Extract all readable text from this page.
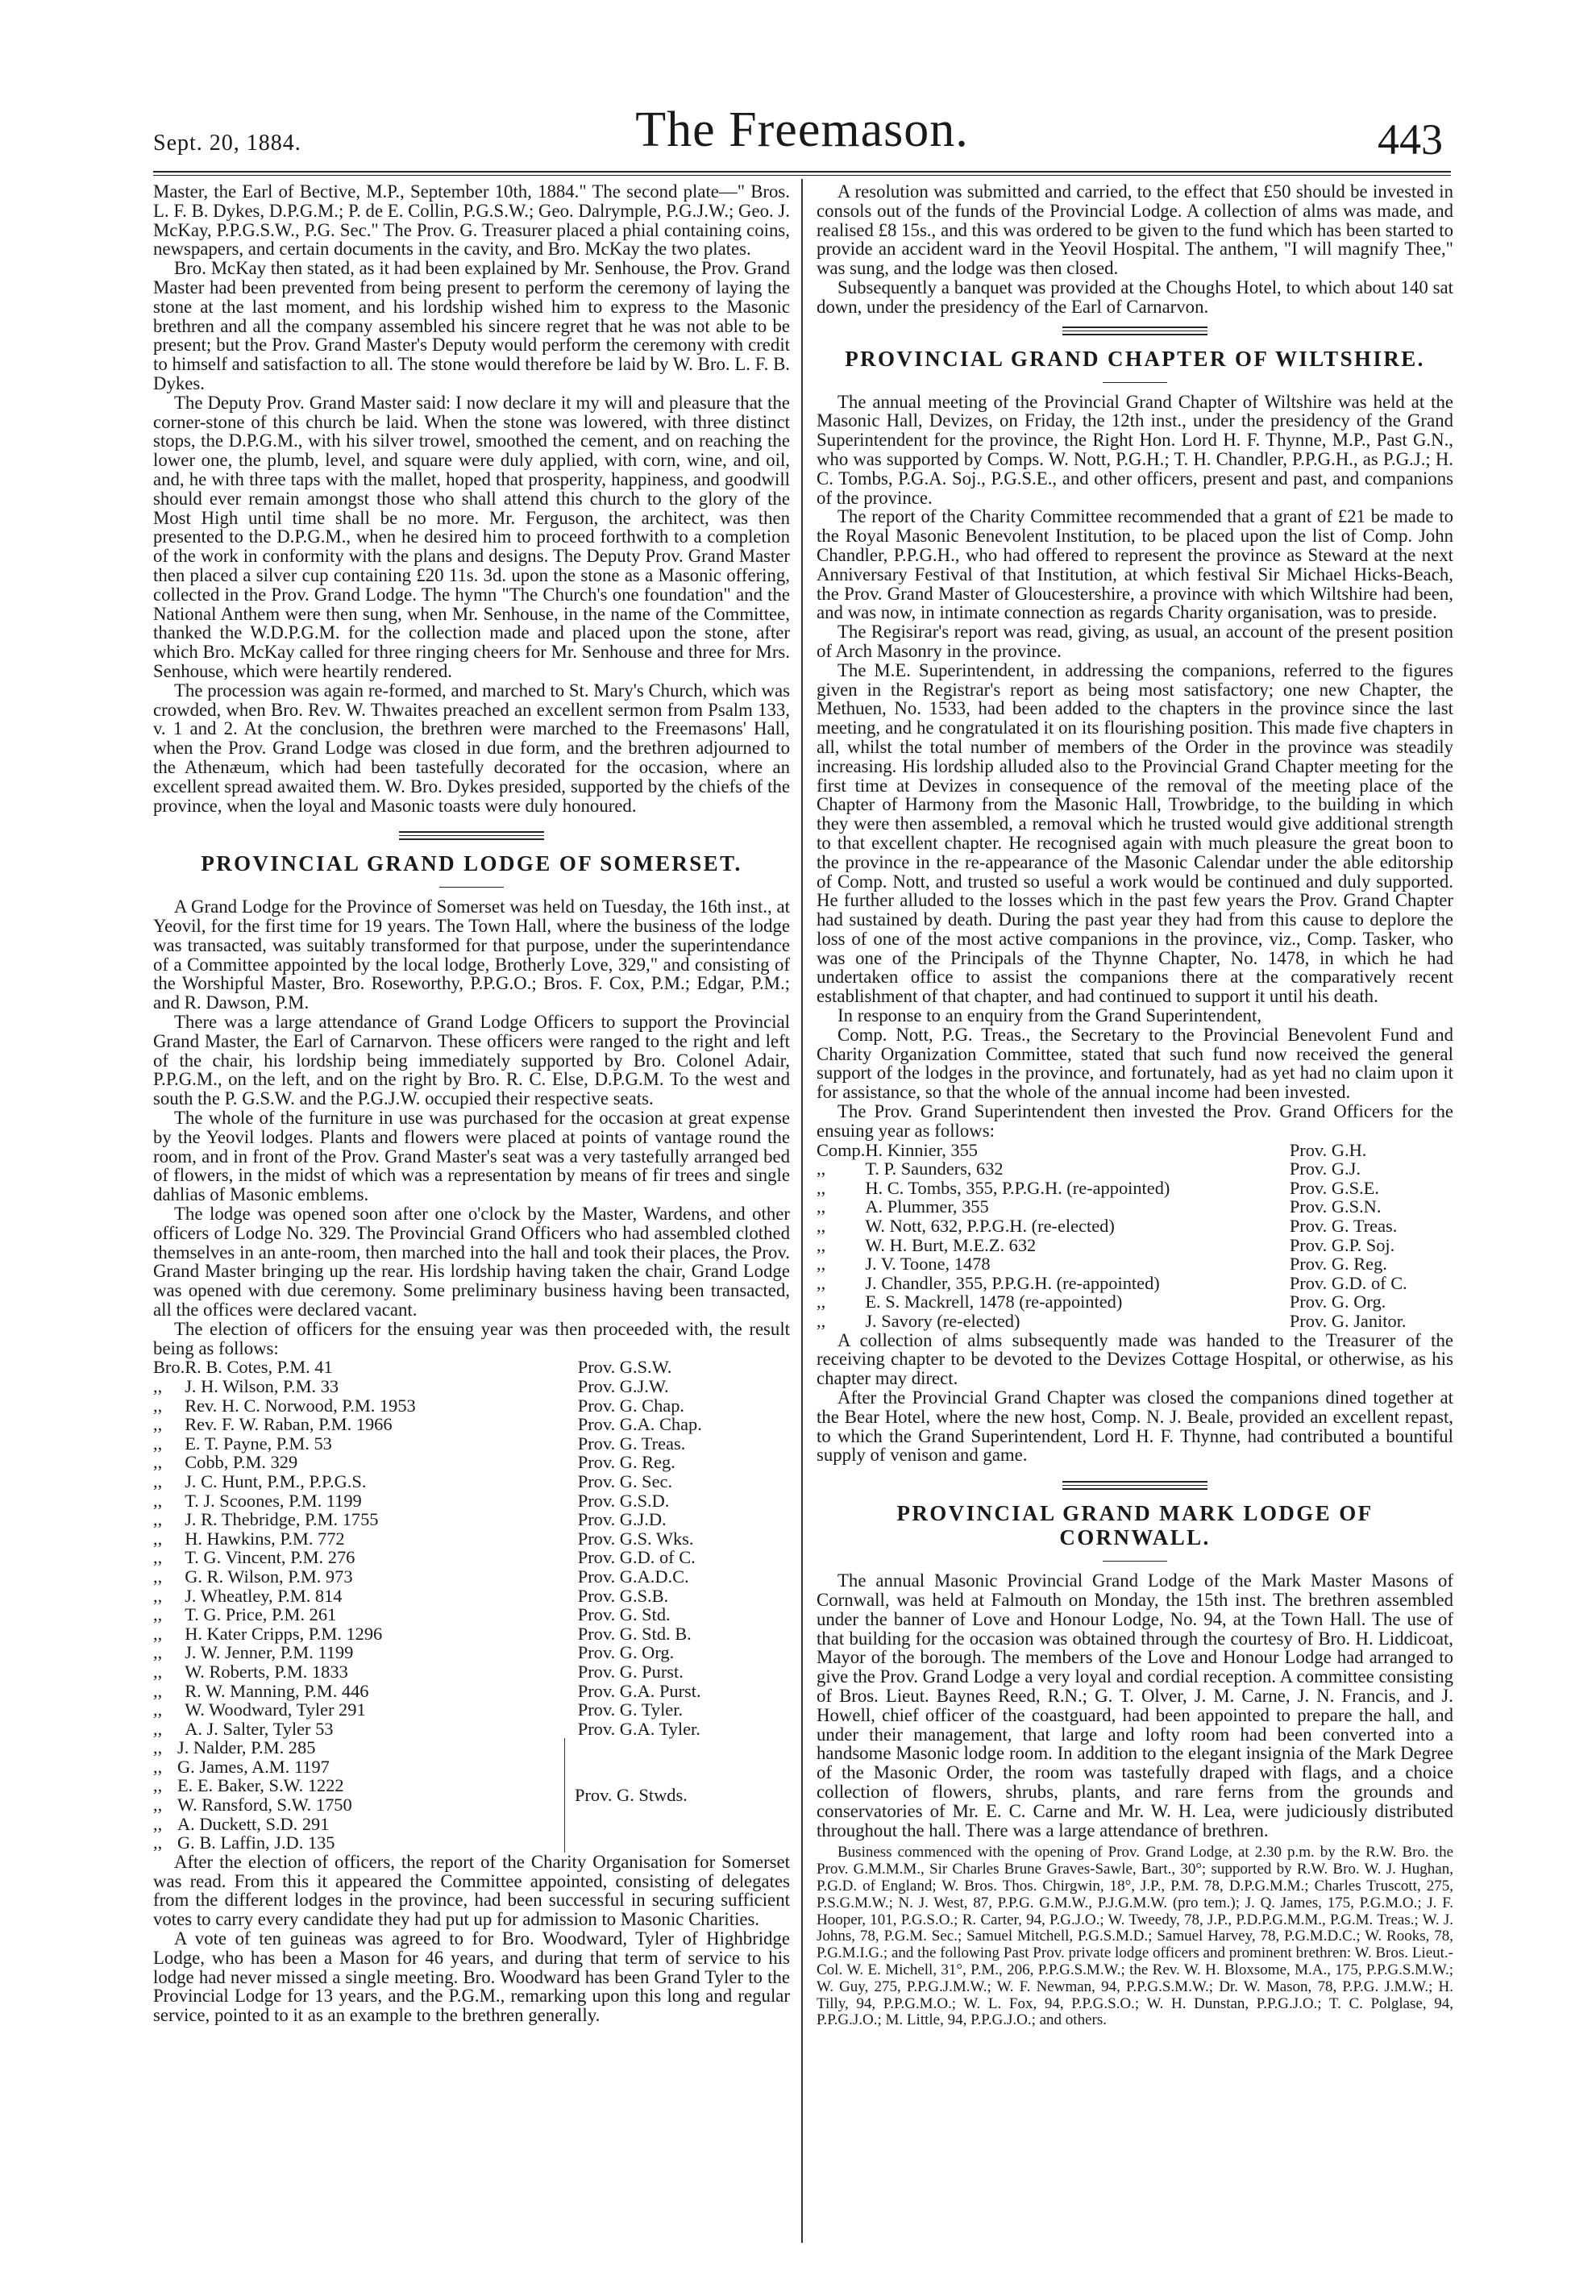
Sept. 20, 1884.	The Freemason.	443

Master, the Earl of Bective, M.P., September 10th, 1884." The second plate—" Bros. L. F. B. Dykes, D.P.G.M.; P. de E. Collin, P.G.S.W.; Geo. Dalrymple, P.G.J.W.; Geo. J. McKay, P.P.G.S.W., P.G. Sec." The Prov. G. Treasurer placed a phial containing coins, newspapers, and certain documents in the cavity, and Bro. McKay the two plates.

Bro. McKay then stated, as it had been explained by Mr. Senhouse, the Prov. Grand Master had been prevented from being present to perform the ceremony of laying the stone at the last moment, and his lordship wished him to express to the Masonic brethren and all the company assembled his sincere regret that he was not able to be present; but the Prov. Grand Master's Deputy would perform the ceremony with credit to himself and satisfaction to all. The stone would therefore be laid by W. Bro. L. F. B. Dykes.

The Deputy Prov. Grand Master said: I now declare it my will and pleasure that the corner-stone of this church be laid. When the stone was lowered, with three distinct stops, the D.P.G.M., with his silver trowel, smoothed the cement, and on reaching the lower one, the plumb, level, and square were duly applied, with corn, wine, and oil, and, he with three taps with the mallet, hoped that prosperity, happiness, and goodwill should ever remain amongst those who shall attend this church to the glory of the Most High until time shall be no more. Mr. Ferguson, the architect, was then presented to the D.P.G.M., when he desired him to proceed forthwith to a completion of the work in conformity with the plans and designs. The Deputy Prov. Grand Master then placed a silver cup containing £20 11s. 3d. upon the stone as a Masonic offering, collected in the Prov. Grand Lodge. The hymn "The Church's one foundation" and the National Anthem were then sung, when Mr. Senhouse, in the name of the Committee, thanked the W.D.P.G.M. for the collection made and placed upon the stone, after which Bro. McKay called for three ringing cheers for Mr. Senhouse and three for Mrs. Senhouse, which were heartily rendered.

The procession was again re-formed, and marched to St. Mary's Church, which was crowded, when Bro. Rev. W. Thwaites preached an excellent sermon from Psalm 133, v. 1 and 2. At the conclusion, the brethren were marched to the Freemasons' Hall, when the Prov. Grand Lodge was closed in due form, and the brethren adjourned to the Athenæum, which had been tastefully decorated for the occasion, where an excellent spread awaited them. W. Bro. Dykes presided, supported by the chiefs of the province, when the loyal and Masonic toasts were duly honoured.

PROVINCIAL GRAND LODGE OF SOMERSET.

A Grand Lodge for the Province of Somerset was held on Tuesday, the 16th inst., at Yeovil, for the first time for 19 years. The Town Hall, where the business of the lodge was transacted, was suitably transformed for that purpose, under the superintendance of a Committee appointed by the local lodge, Brotherly Love, 329," and consisting of the Worshipful Master, Bro. Roseworthy, P.P.G.O.; Bros. F. Cox, P.M.; Edgar, P.M.; and R. Dawson, P.M.

There was a large attendance of Grand Lodge Officers to support the Provincial Grand Master, the Earl of Carnarvon. These officers were ranged to the right and left of the chair, his lordship being immediately supported by Bro. Colonel Adair, P.P.G.M., on the left, and on the right by Bro. R. C. Else, D.P.G.M. To the west and south the P. G.S.W. and the P.G.J.W. occupied their respective seats.

The whole of the furniture in use was purchased for the occasion at great expense by the Yeovil lodges. Plants and flowers were placed at points of vantage round the room, and in front of the Prov. Grand Master's seat was a very tastefully arranged bed of flowers, in the midst of which was a representation by means of fir trees and single dahlias of Masonic emblems.

The lodge was opened soon after one o'clock by the Master, Wardens, and other officers of Lodge No. 329. The Provincial Grand Officers who had assembled clothed themselves in an ante-room, then marched into the hall and took their places, the Prov. Grand Master bringing up the rear. His lordship having taken the chair, Grand Lodge was opened with due ceremony. Some preliminary business having been transacted, all the offices were declared vacant.

The election of officers for the ensuing year was then proceeded with, the result being as follows:

Bro.	R. B. Cotes, P.M. 41		Prov. G.S.W.
,,	J. H. Wilson, P.M. 33		Prov. G.J.W.
,,	Rev. H. C. Norwood, P.M. 1953		Prov. G. Chap.
,,	Rev. F. W. Raban, P.M. 1966		Prov. G.A. Chap.
,,	E. T. Payne, P.M. 53		Prov. G. Treas.
,,	Cobb, P.M. 329		Prov. G. Reg.
,,	J. C. Hunt, P.M., P.P.G.S.		Prov. G. Sec.
,,	T. J. Scoones, P.M. 1199		Prov. G.S.D.
,,	J. R. Thebridge, P.M. 1755		Prov. G.J.D.
,,	H. Hawkins, P.M. 772		Prov. G.S. Wks.
,,	T. G. Vincent, P.M. 276		Prov. G.D. of C.
,,	G. R. Wilson, P.M. 973		Prov. G.A.D.C.
,,	J. Wheatley, P.M. 814		Prov. G.S.B.
,,	T. G. Price, P.M. 261		Prov. G. Std.
,,	H. Kater Cripps, P.M. 1296		Prov. G. Std. B.
,,	J. W. Jenner, P.M. 1199		Prov. G. Org.
,,	W. Roberts, P.M. 1833		Prov. G. Purst.
,,	R. W. Manning, P.M. 446		Prov. G.A. Purst.
,,	W. Woodward, Tyler 291		Prov. G. Tyler.
,,	A. J. Salter, Tyler 53		Prov. G.A. Tyler.
,,	J. Nalder, P.M. 285	Prov. G. Stwds.
,,	G. James, A.M. 1197	
,,	E. E. Baker, S.W. 1222	
,,	W. Ransford, S.W. 1750	
,,	A. Duckett, S.D. 291	
,,	G. B. Laffin, J.D. 135	

After the election of officers, the report of the Charity Organisation for Somerset was read. From this it appeared the Committee appointed, consisting of delegates from the different lodges in the province, had been successful in securing sufficient votes to carry every candidate they had put up for admission to Masonic Charities.

A vote of ten guineas was agreed to for Bro. Woodward, Tyler of Highbridge Lodge, who has been a Mason for 46 years, and during that term of service to his lodge had never missed a single meeting. Bro. Woodward has been Grand Tyler to the Provincial Lodge for 13 years, and the P.G.M., remarking upon this long and regular service, pointed to it as an example to the brethren generally.

A resolution was submitted and carried, to the effect that £50 should be invested in consols out of the funds of the Provincial Lodge. A collection of alms was made, and realised £8 15s., and this was ordered to be given to the fund which has been started to provide an accident ward in the Yeovil Hospital. The anthem, "I will magnify Thee," was sung, and the lodge was then closed.

Subsequently a banquet was provided at the Choughs Hotel, to which about 140 sat down, under the presidency of the Earl of Carnarvon.

PROVINCIAL GRAND CHAPTER OF WILTSHIRE.

The annual meeting of the Provincial Grand Chapter of Wiltshire was held at the Masonic Hall, Devizes, on Friday, the 12th inst., under the presidency of the Grand Superintendent for the province, the Right Hon. Lord H. F. Thynne, M.P., Past G.N., who was supported by Comps. W. Nott, P.G.H.; T. H. Chandler, P.P.G.H., as P.G.J.; H. C. Tombs, P.G.A. Soj., P.G.S.E., and other officers, present and past, and companions of the province.

The report of the Charity Committee recommended that a grant of £21 be made to the Royal Masonic Benevolent Institution, to be placed upon the list of Comp. John Chandler, P.P.G.H., who had offered to represent the province as Steward at the next Anniversary Festival of that Institution, at which festival Sir Michael Hicks-Beach, the Prov. Grand Master of Gloucestershire, a province with which Wiltshire had been, and was now, in intimate connection as regards Charity organisation, was to preside.

The Regisirar's report was read, giving, as usual, an account of the present position of Arch Masonry in the province.

The M.E. Superintendent, in addressing the companions, referred to the figures given in the Registrar's report as being most satisfactory; one new Chapter, the Methuen, No. 1533, had been added to the chapters in the province since the last meeting, and he congratulated it on its flourishing position. This made five chapters in all, whilst the total number of members of the Order in the province was steadily increasing. His lordship alluded also to the Provincial Grand Chapter meeting for the first time at Devizes in consequence of the removal of the meeting place of the Chapter of Harmony from the Masonic Hall, Trowbridge, to the building in which they were then assembled, a removal which he trusted would give additional strength to that excellent chapter. He recognised again with much pleasure the great boon to the province in the re-appearance of the Masonic Calendar under the able editorship of Comp. Nott, and trusted so useful a work would be continued and duly supported. He further alluded to the losses which in the past few years the Prov. Grand Chapter had sustained by death. During the past year they had from this cause to deplore the loss of one of the most active companions in the province, viz., Comp. Tasker, who was one of the Principals of the Thynne Chapter, No. 1478, in which he had undertaken office to assist the companions there at the comparatively recent establishment of that chapter, and had continued to support it until his death.

In response to an enquiry from the Grand Superintendent,

Comp. Nott, P.G. Treas., the Secretary to the Provincial Benevolent Fund and Charity Organization Committee, stated that such fund now received the general support of the lodges in the province, and fortunately, had as yet had no claim upon it for assistance, so that the whole of the annual income had been invested.

The Prov. Grand Superintendent then invested the Prov. Grand Officers for the ensuing year as follows:

Comp.	H. Kinnier, 355		Prov. G.H.
,,	T. P. Saunders, 632		Prov. G.J.
,,	H. C. Tombs, 355, P.P.G.H. (re-appointed)		Prov. G.S.E.
,,	A. Plummer, 355		Prov. G.S.N.
,,	W. Nott, 632, P.P.G.H. (re-elected)		Prov. G. Treas.
,,	W. H. Burt, M.E.Z. 632		Prov. G.P. Soj.
,,	J. V. Toone, 1478		Prov. G. Reg.
,,	J. Chandler, 355, P.P.G.H. (re-appointed)		Prov. G.D. of C.
,,	E. S. Mackrell, 1478 (re-appointed)		Prov. G. Org.
,,	J. Savory (re-elected)		Prov. G. Janitor.

A collection of alms subsequently made was handed to the Treasurer of the receiving chapter to be devoted to the Devizes Cottage Hospital, or otherwise, as his chapter may direct.

After the Provincial Grand Chapter was closed the companions dined together at the Bear Hotel, where the new host, Comp. N. J. Beale, provided an excellent repast, to which the Grand Superintendent, Lord H. F. Thynne, had contributed a bountiful supply of venison and game.

PROVINCIAL GRAND MARK LODGE OF CORNWALL.

The annual Masonic Provincial Grand Lodge of the Mark Master Masons of Cornwall, was held at Falmouth on Monday, the 15th inst. The brethren assembled under the banner of Love and Honour Lodge, No. 94, at the Town Hall. The use of that building for the occasion was obtained through the courtesy of Bro. H. Liddicoat, Mayor of the borough. The members of the Love and Honour Lodge had arranged to give the Prov. Grand Lodge a very loyal and cordial reception. A committee consisting of Bros. Lieut. Baynes Reed, R.N.; G. T. Olver, J. M. Carne, J. N. Francis, and J. Howell, chief officer of the coastguard, had been appointed to prepare the hall, and under their management, that large and lofty room had been converted into a handsome Masonic lodge room. In addition to the elegant insignia of the Mark Degree of the Masonic Order, the room was tastefully draped with flags, and a choice collection of flowers, shrubs, plants, and rare ferns from the grounds and conservatories of Mr. E. C. Carne and Mr. W. H. Lea, were judiciously distributed throughout the hall. There was a large attendance of brethren.

Business commenced with the opening of Prov. Grand Lodge, at 2.30 p.m. by the R.W. Bro. the Prov. G.M.M.M., Sir Charles Brune Graves-Sawle, Bart., 30°; supported by R.W. Bro. W. J. Hughan, P.G.D. of England; W. Bros. Thos. Chirgwin, 18°, J.P., P.M. 78, D.P.G.M.M.; Charles Truscott, 275, P.S.G.M.W.; N. J. West, 87, P.P.G. G.M.W., P.J.G.M.W. (pro tem.); J. Q. James, 175, P.G.M.O.; J. F. Hooper, 101, P.G.S.O.; R. Carter, 94, P.G.J.O.; W. Tweedy, 78, J.P., P.D.P.G.M.M., P.G.M. Treas.; W. J. Johns, 78, P.G.M. Sec.; Samuel Mitchell, P.G.S.M.D.; Samuel Harvey, 78, P.G.M.D.C.; W. Rooks, 78, P.G.M.I.G.; and the following Past Prov. private lodge officers and prominent brethren: W. Bros. Lieut.-Col. W. E. Michell, 31°, P.M., 206, P.P.G.S.M.W.; the Rev. W. H. Bloxsome, M.A., 175, P.P.G.S.M.W.; W. Guy, 275, P.P.G.J.M.W.; W. F. Newman, 94, P.P.G.S.M.W.; Dr. W. Mason, 78, P.P.G. J.M.W.; H. Tilly, 94, P.P.G.M.O.; W. L. Fox, 94, P.P.G.S.O.; W. H. Dunstan, P.P.G.J.O.; T. C. Polglase, 94, P.P.G.J.O.; M. Little, 94, P.P.G.J.O.; and others.
